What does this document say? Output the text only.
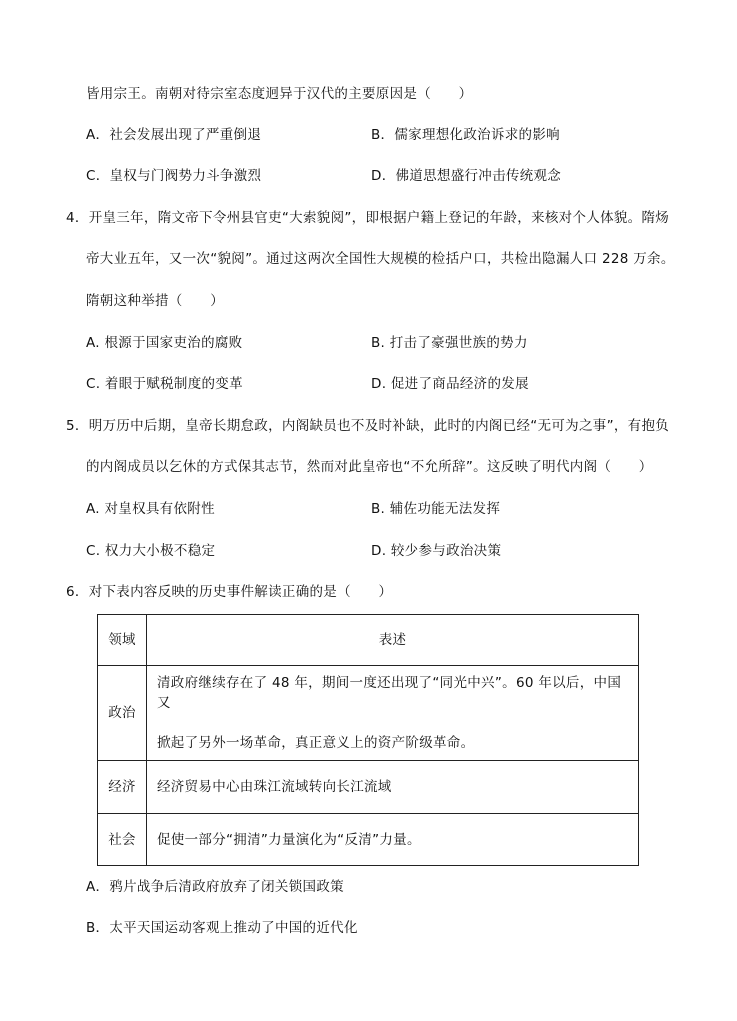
皆用宗王。南朝对待宗室态度迥异于汉代的主要原因是（　　）
A．社会发展出现了严重倒退	B．儒家理想化政治诉求的影响
C．皇权与门阀势力斗争激烈	D．佛道思想盛行冲击传统观念
4．开皇三年，隋文帝下令州县官吏“大索貌阅”，即根据户籍上登记的年龄，来核对个人体貌。隋炀
帝大业五年，又一次“貌阅”。通过这两次全国性大规模的检括户口，共检出隐漏人口 228 万余。
隋朝这种举措（　　）
A. 根源于国家吏治的腐败	B. 打击了豪强世族的势力
C. 着眼于赋税制度的变革	D. 促进了商品经济的发展
5．明万历中后期，皇帝长期怠政，内阁缺员也不及时补缺，此时的内阁已经“无可为之事”，有抱负
的内阁成员以乞休的方式保其志节，然而对此皇帝也“不允所辞”。这反映了明代内阁（　　）
A. 对皇权具有依附性	B. 辅佐功能无法发挥
C. 权力大小极不稳定	D. 较少参与政治决策
6．对下表内容反映的历史事件解读正确的是（　　）
领域	表述
政治	清政府继续存在了 48 年，期间一度还出现了“同光中兴”。60 年以后，中国又
掀起了另外一场革命，真正意义上的资产阶级革命。

经济	经济贸易中心由珠江流域转向长江流域
社会	促使一部分“拥清”力量演化为“反清”力量。
A．鸦片战争后清政府放弃了闭关锁国政策
B．太平天国运动客观上推动了中国的近代化
